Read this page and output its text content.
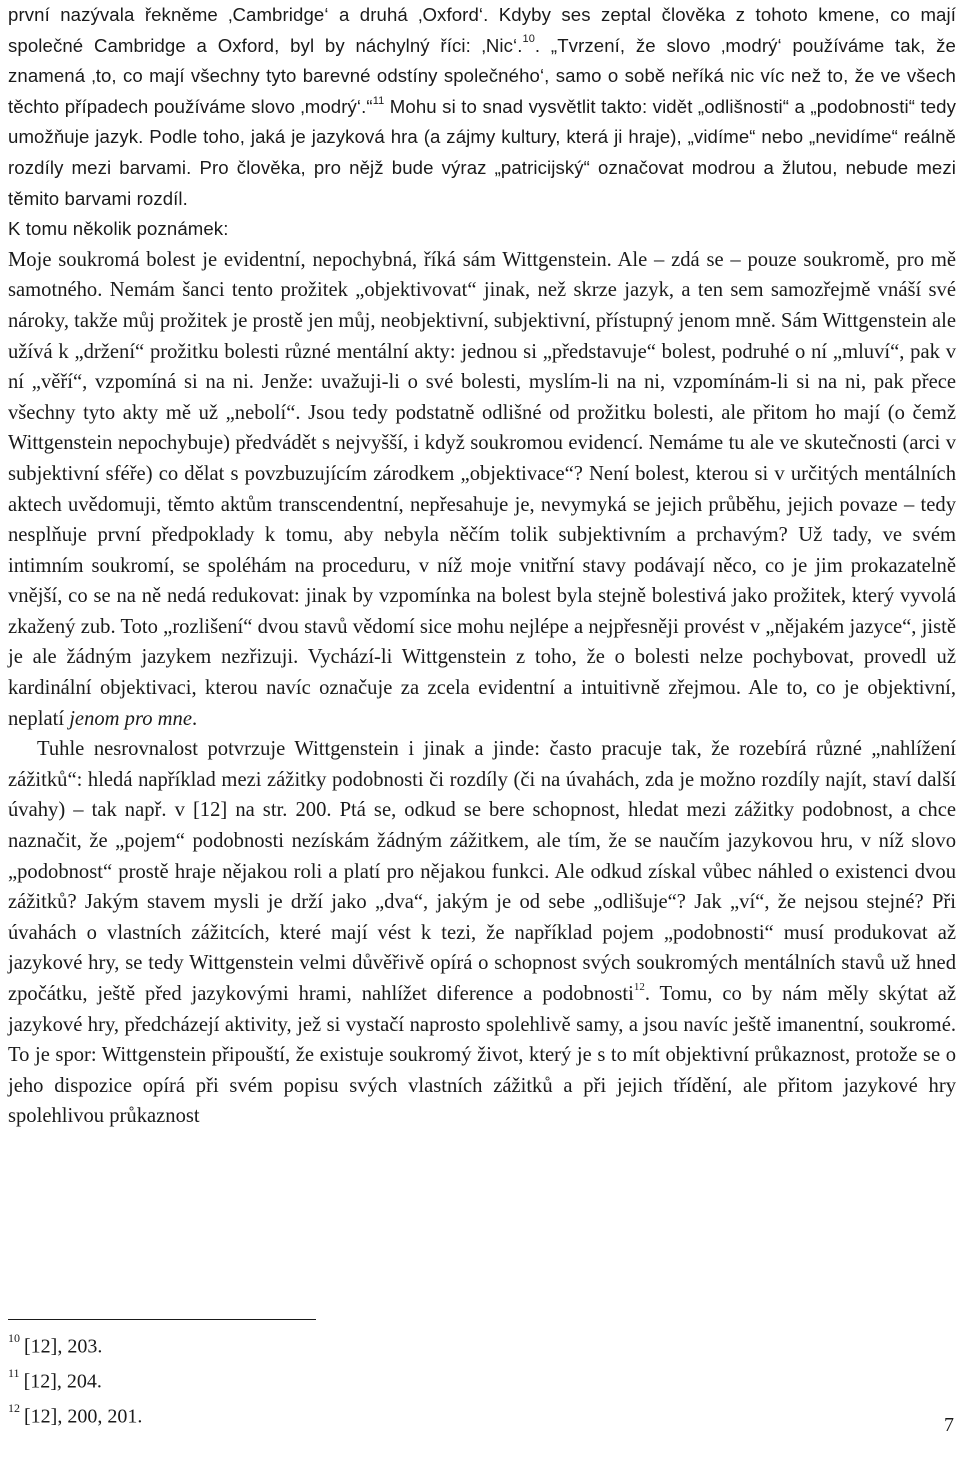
první nazývala řekněme ‚Cambridge‘ a druhá ‚Oxford‘. Kdyby ses zeptal člověka z tohoto kmene, co mají společné Cambridge a Oxford, byl by náchylný říci: ‚Nic‘.$^{10}$. „Tvrzení, že slovo ‚modrý‘ používáme tak, že znamená ‚to, co mají všechny tyto barevné odstíny společného‘, samo o sobě neříká nic víc než to, že ve všech těchto případech používáme slovo ‚modrý‘.“$^{11}$ Mohu si to snad vysvětlit takto: vidět „odlišnosti“ a „podobnosti“ tedy umožňuje jazyk. Podle toho, jaká je jazyková hra (a zájmy kultury, která ji hraje), „vidíme“ nebo „nevidíme“ reálně rozdíly mezi barvami. Pro člověka, pro nějž bude výraz „patricijský“ označovat modrou a žlutou, nebude mezi těmito barvami rozdíl.

K tomu několik poznámek:

Moje soukromá bolest je evidentní, nepochybná, říká sám Wittgenstein. Ale – zdá se – pouze soukromě, pro mě samotného. Nemám šanci tento prožitek „objektivovat“ jinak, než skrze jazyk, a ten sem samozřejmě vnáší své nároky, takže můj prožitek je prostě jen můj, neobjektivní, subjektivní, přístupný jenom mně. Sám Wittgenstein ale užívá k „držení“ prožitku bolesti různé mentální akty: jednou si „představuje“ bolest, podruhé o ní „mluví“, pak v ní „věří“, vzpomíná si na ni. Jenže: uvažuji-li o své bolesti, myslím-li na ni, vzpomínám-li si na ni, pak přece všechny tyto akty mě už „nebolí“. Jsou tedy podstatně odlišné od prožitku bolesti, ale přitom ho mají (o čemž Wittgenstein nepochybuje) předvádět s nejvyšší, i když soukromou evidencí. Nemáme tu ale ve skutečnosti (arci v subjektivní sféře) co dělat s povzbuzujícím zárodkem „objektivace“? Není bolest, kterou si v určitých mentálních aktech uvědomuji, těmto aktům transcendentní, nepřesahuje je, nevymyká se jejich průběhu, jejich povaze – tedy nesplňuje první předpoklady k tomu, aby nebyla něčím tolik subjektivním a prchavým? Už tady, ve svém intimním soukromí, se spoléhám na proceduru, v níž moje vnitřní stavy podávají něco, co je jim prokazatelně vnější, co se na ně nedá redukovat: jinak by vzpomínka na bolest byla stejně bolestivá jako prožitek, který vyvolá zkažený zub. Toto „rozlišení“ dvou stavů vědomí sice mohu nejlépe a nejpřesněji provést v „nějakém jazyce“, jistě je ale žádným jazykem nezřizuji. Vychází-li Wittgenstein z toho, že o bolesti nelze pochybovat, provedl už kardinální objektivaci, kterou navíc označuje za zcela evidentní a intuitivně zřejmou. Ale to, co je objektivní, neplatí jenom pro mne.

Tuhle nesrovnalost potvrzuje Wittgenstein i jinak a jinde: často pracuje tak, že rozebírá různé „nahlížení zážitků“: hledá například mezi zážitky podobnosti či rozdíly (či na úvahách, zda je možno rozdíly najít, staví další úvahy) – tak např. v [12] na str. 200. Ptá se, odkud se bere schopnost, hledat mezi zážitky podobnost, a chce naznačit, že „pojem“ podobnosti nezískám žádným zážitkem, ale tím, že se naučím jazykovou hru, v níž slovo „podobnost“ prostě hraje nějakou roli a platí pro nějakou funkci. Ale odkud získal vůbec náhled o existenci dvou zážitků? Jakým stavem mysli je drží jako „dva“, jakým je od sebe „odlišuje“? Jak „ví“, že nejsou stejné? Při úvahách o vlastních zážitcích, které mají vést k tezi, že například pojem „podobnosti“ musí produkovat až jazykové hry, se tedy Wittgenstein velmi důvěřivě opírá o schopnost svých soukromých mentálních stavů už hned zpočátku, ještě před jazykovými hrami, nahlížet diference a podobnosti$^{12}$. Tomu, co by nám měly skýtat až jazykové hry, předcházejí aktivity, jež si vystačí naprosto spolehlivě samy, a jsou navíc ještě imanentní, soukromé. To je spor: Wittgenstein připouští, že existuje soukromý život, který je s to mít objektivní průkaznost, protože se o jeho dispozice opírá při svém popisu svých vlastních zážitků a při jejich třídění, ale přitom jazykové hry spolehlivou průkaznost

$^{10}$ [12], 203.
$^{11}$ [12], 204.
$^{12}$ [12], 200, 201.	7
